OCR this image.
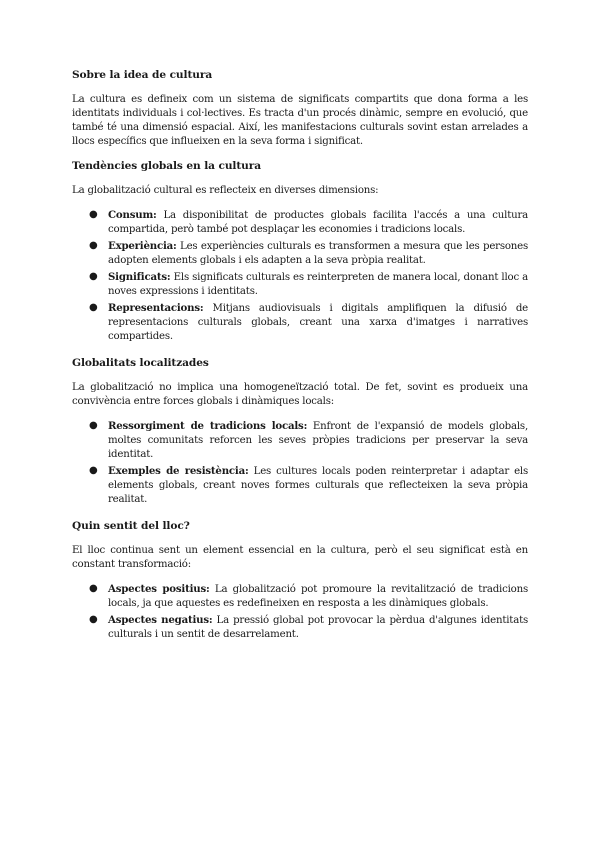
Sobre la idea de cultura

La cultura es defineix com un sistema de significats compartits que dona forma a les identitats individuals i col·lectives. Es tracta d'un procés dinàmic, sempre en evolució, que també té una dimensió espacial. Així, les manifestacions culturals sovint estan arrelades a llocs específics que influeixen en la seva forma i significat.

Tendències globals en la cultura

La globalització cultural es reflecteix en diverses dimensions:

● Consum: La disponibilitat de productes globals facilita l'accés a una cultura compartida, però també pot desplaçar les economies i tradicions locals.
● Experiència: Les experiències culturals es transformen a mesura que les persones adopten elements globals i els adapten a la seva pròpia realitat.
● Significats: Els significats culturals es reinterpreten de manera local, donant lloc a noves expressions i identitats.
● Representacions: Mitjans audiovisuals i digitals amplifiquen la difusió de representacions culturals globals, creant una xarxa d'imatges i narratives compartides.
Globalitats localitzades

La globalització no implica una homogeneïtzació total. De fet, sovint es produeix una convivència entre forces globals i dinàmiques locals:

● Ressorgiment de tradicions locals: Enfront de l'expansió de models globals, moltes comunitats reforcen les seves pròpies tradicions per preservar la seva identitat.
● Exemples de resistència: Les cultures locals poden reinterpretar i adaptar els elements globals, creant noves formes culturals que reflecteixen la seva pròpia realitat.
Quin sentit del lloc?

El lloc continua sent un element essencial en la cultura, però el seu significat està en constant transformació:

● Aspectes positius: La globalització pot promoure la revitalització de tradicions locals, ja que aquestes es redefineixen en resposta a les dinàmiques globals.
● Aspectes negatius: La pressió global pot provocar la pèrdua d'algunes identitats culturals i un sentit de desarrelament.
